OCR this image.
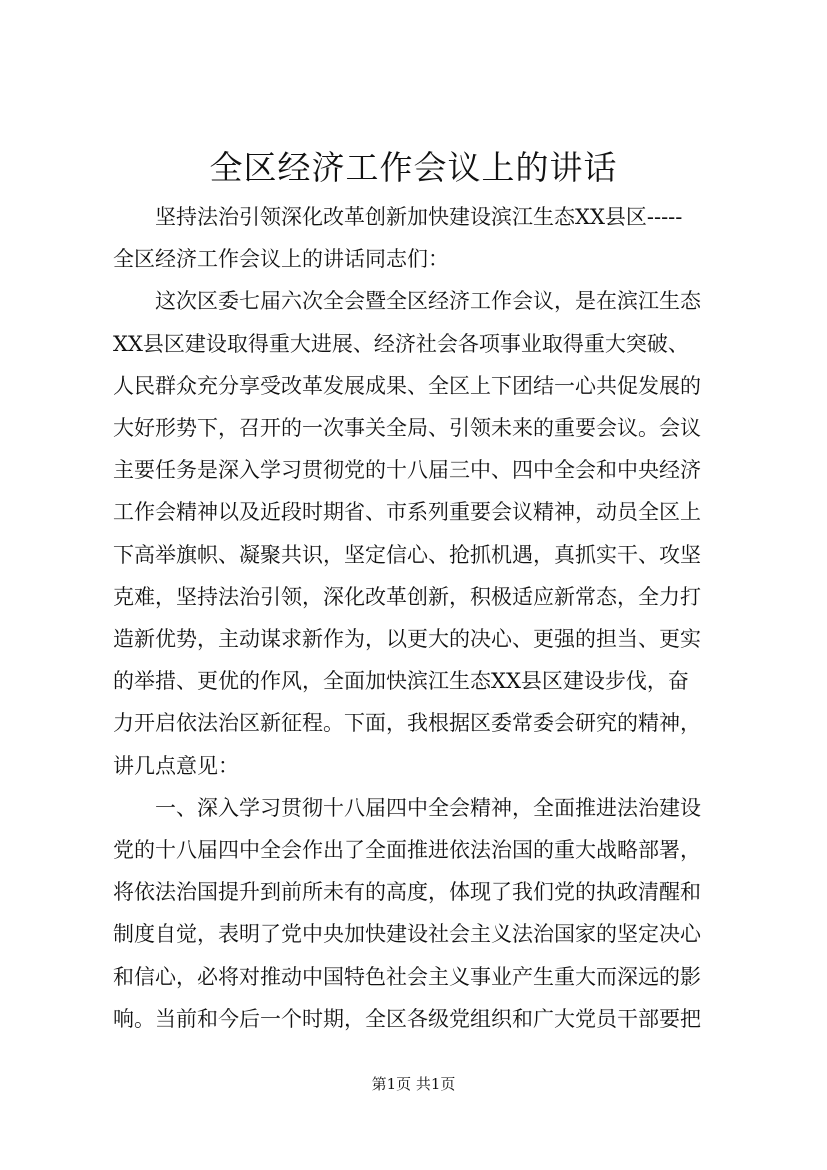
全区经济工作会议上的讲话

　　坚持法治引领深化改革创新加快建设滨江生态XX县区-----

全区经济工作会议上的讲话同志们：

　　这次区委七届六次全会暨全区经济工作会议，是在滨江生态

XX县区建设取得重大进展、经济社会各项事业取得重大突破、

人民群众充分享受改革发展成果、全区上下团结一心共促发展的

大好形势下，召开的一次事关全局、引领未来的重要会议。会议

主要任务是深入学习贯彻党的十八届三中、四中全会和中央经济

工作会精神以及近段时期省、市系列重要会议精神，动员全区上

下高举旗帜、凝聚共识，坚定信心、抢抓机遇，真抓实干、攻坚

克难，坚持法治引领，深化改革创新，积极适应新常态，全力打

造新优势，主动谋求新作为，以更大的决心、更强的担当、更实

的举措、更优的作风，全面加快滨江生态XX县区建设步伐，奋

力开启依法治区新征程。下面，我根据区委常委会研究的精神，

讲几点意见：

　　一、深入学习贯彻十八届四中全会精神，全面推进法治建设

党的十八届四中全会作出了全面推进依法治国的重大战略部署，

将依法治国提升到前所未有的高度，体现了我们党的执政清醒和

制度自觉，表明了党中央加快建设社会主义法治国家的坚定决心

和信心，必将对推动中国特色社会主义事业产生重大而深远的影

响。当前和今后一个时期，全区各级党组织和广大党员干部要把

第1页 共1页
